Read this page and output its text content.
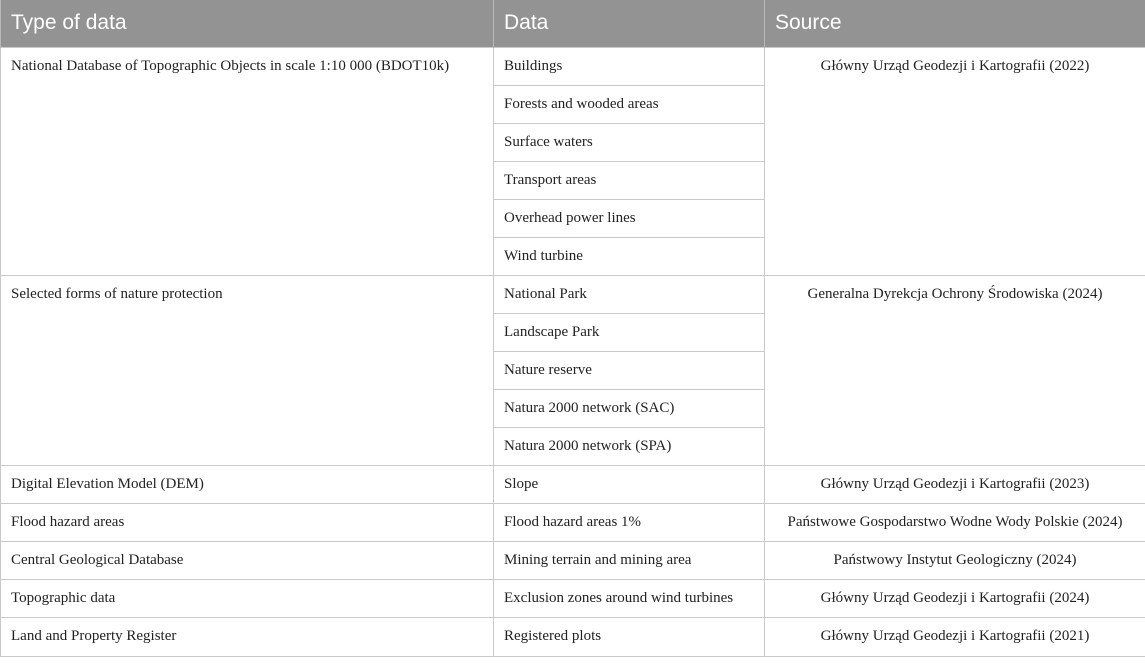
Type of data	Data	Source
National Database of Topographic Objects in scale 1:10 000 (BDOT10k)	Buildings	Główny Urząd Geodezji i Kartografii (2022)
	Forests and wooded areas	
	Surface waters	
	Transport areas	
	Overhead power lines	
	Wind turbine	
Selected forms of nature protection	National Park	Generalna Dyrekcja Ochrony Środowiska (2024)
	Landscape Park	
	Nature reserve	
	Natura 2000 network (SAC)	
	Natura 2000 network (SPA)	
Digital Elevation Model (DEM)	Slope	Główny Urząd Geodezji i Kartografii (2023)
Flood hazard areas	Flood hazard areas 1%	Państwowe Gospodarstwo Wodne Wody Polskie (2024)
Central Geological Database	Mining terrain and mining area	Państwowy Instytut Geologiczny (2024)
Topographic data	Exclusion zones around wind turbines	Główny Urząd Geodezji i Kartografii (2024)
Land and Property Register	Registered plots	Główny Urząd Geodezji i Kartografii (2021)
